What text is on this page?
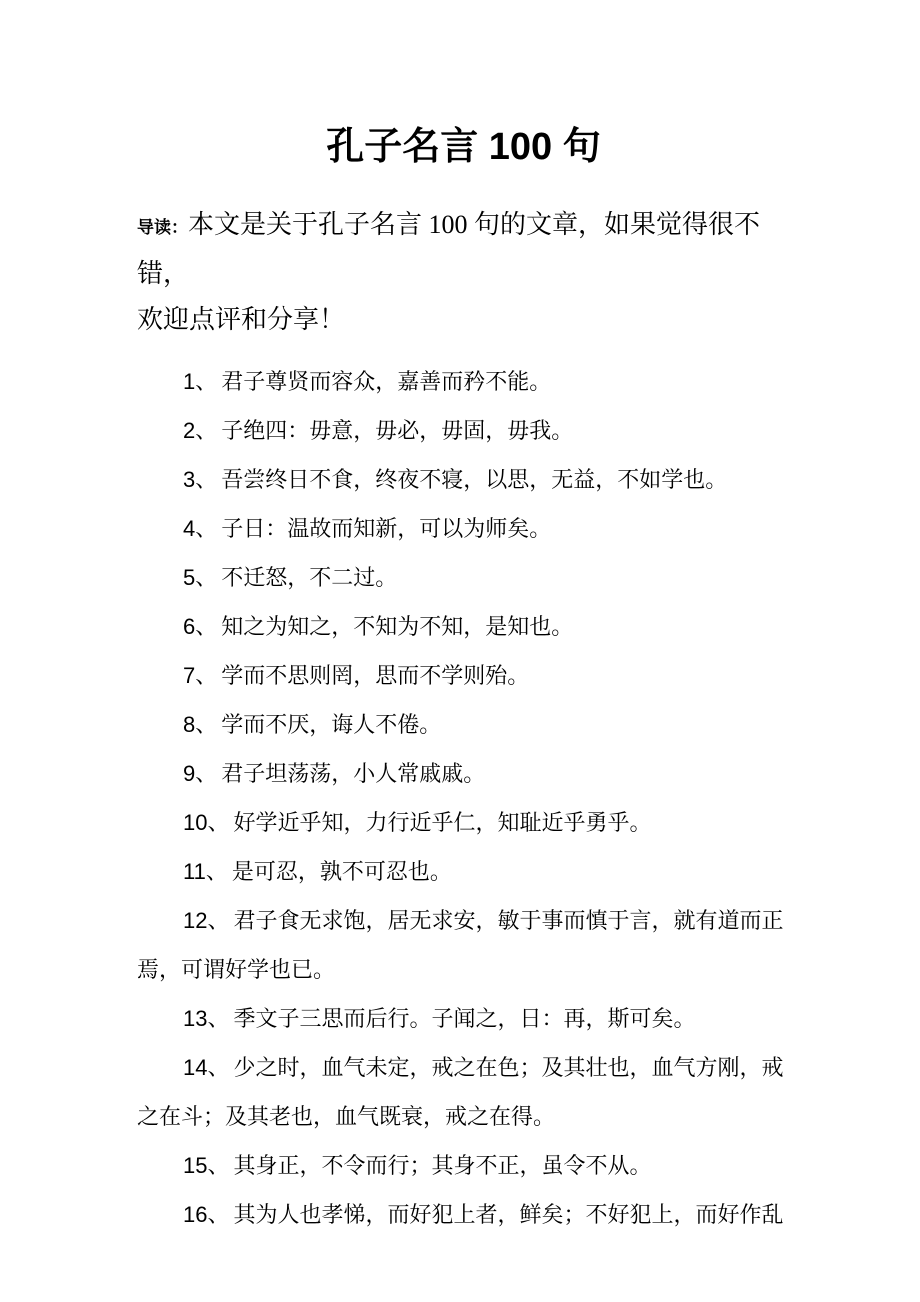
孔子名言 100 句

导读：本文是关于孔子名言 100 句的文章，如果觉得很不错，
欢迎点评和分享！

1、 君子尊贤而容众，嘉善而矜不能。

2、 子绝四：毋意，毋必，毋固，毋我。

3、 吾尝终日不食，终夜不寝，以思，无益，不如学也。

4、 子日：温故而知新，可以为师矣。

5、 不迁怒，不二过。

6、 知之为知之，不知为不知，是知也。

7、 学而不思则罔，思而不学则殆。

8、 学而不厌，诲人不倦。

9、 君子坦荡荡，小人常戚戚。

10、 好学近乎知，力行近乎仁，知耻近乎勇乎。

11、 是可忍，孰不可忍也。

12、 君子食无求饱，居无求安，敏于事而慎于言，就有道而正
焉，可谓好学也已。

13、 季文子三思而后行。子闻之，日：再，斯可矣。

14、 少之时，血气未定，戒之在色；及其壮也，血气方刚，戒
之在斗；及其老也，血气既衰，戒之在得。

15、 其身正，不令而行；其身不正，虽令不从。

16、 其为人也孝悌，而好犯上者，鲜矣；不好犯上，而好作乱
